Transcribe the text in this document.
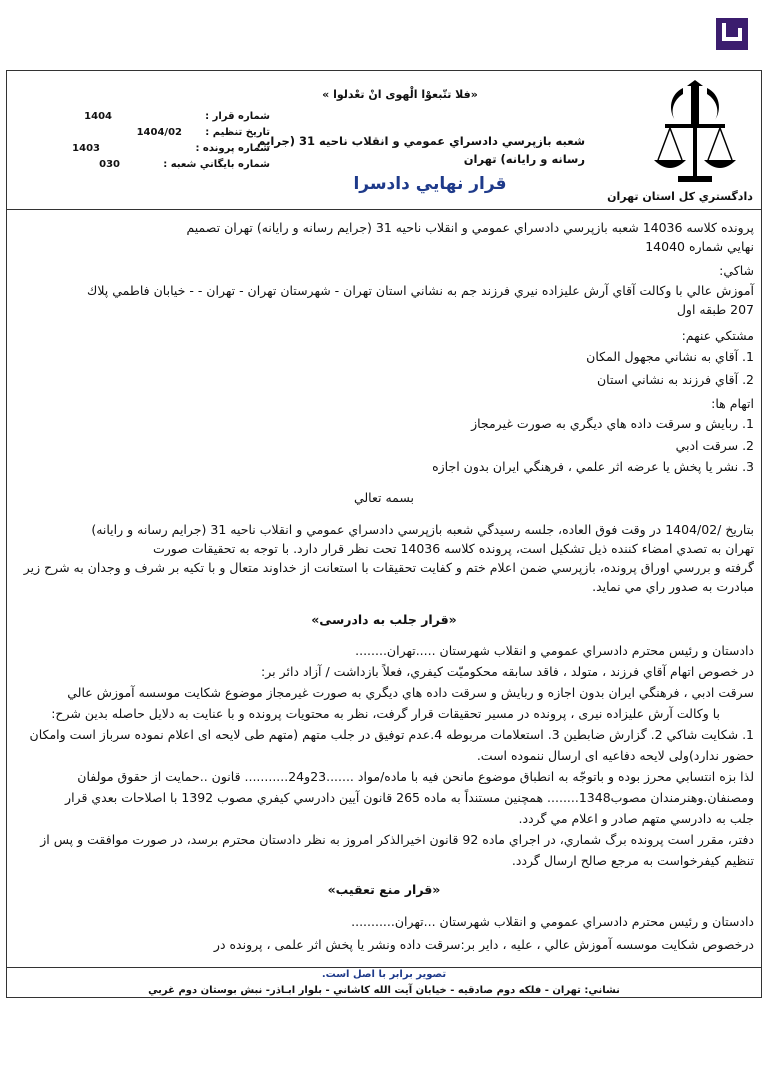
دادگستري كل استان تهران
«فلا تتّبعوْا الْهوى انْ تعْدلوا »
شعبه بازپرسي دادسراي عمومي و انقلاب ناحيه 31 (جرايم
رسانه و رايانه) تهران
قرار نهايي دادسرا
شماره قرار :
1404
تاريخ تنظيم :
1404/02
شماره پرونده :
1403
شماره بايگاني شعبه :
030
پرونده كلاسه 14036 شعبه بازپرسي دادسراي عمومي و انقلاب ناحيه 31 (جرايم رسانه و رايانه) تهران تصميم
نهايي شماره 14040
شاكي:
آموزش عالي با وكالت آقاي آرش عليزاده نيري فرزند جم به نشاني استان تهران - شهرستان تهران - تهران - - خيابان فاطمي پلاك
207 طبقه اول
مشتكي عنهم:
1. آقاي به نشاني مجهول المكان
2. آقاي فرزند به نشاني استان
اتهام ها:
1. ربايش و سرقت داده هاي ديگري به صورت غيرمجاز
2. سرقت ادبي
3. نشر يا پخش يا عرضه اثر علمي ، فرهنگي ايران بدون اجازه
بسمه تعالي
بتاريخ /1404/02 در وقت فوق العاده، جلسه رسيدگي شعبه بازپرسي دادسراي عمومي و انقلاب ناحيه 31 (جرايم رسانه و رايانه)
تهران به تصدي امضاء كننده ذيل تشكيل است، پرونده كلاسه 14036 تحت نظر قرار دارد. با توجه به تحقيقات صورت
گرفته و بررسي اوراق پرونده، بازپرسي ضمن اعلام ختم و كفايت تحقيقات با استعانت از خداوند متعال و با تكيه بر شرف و وجدان به شرح زير
مبادرت به صدور راي مي نمايد.
«قرار جلب به دادرسی»
دادستان و رئيس محترم دادسراي عمومي و انقلاب شهرستان .....تهران........
در خصوص اتهام آقاي فرزند ، متولد ، فاقد سابقه محكوميّت كيفري، فعلاً بازداشت / آزاد دائر بر:
سرقت ادبي ، فرهنگي ايران بدون اجازه و ربايش و سرقت داده هاي ديگري به صورت غيرمجاز موضوع شكايت موسسه آموزش عالي
با وكالت آرش عليزاده نيرى ، پرونده در مسير تحقيقات قرار گرفت، نظر به محتويات پرونده و با عنايت به دلايل حاصله بدين شرح:
1. شكايت شاكي 2. گزارش ضابطين 3. استعلامات مربوطه 4.عدم توفيق در جلب متهم (متهم طى لايحه اى اعلام نموده سرباز است وامكان
حضور ندارد)ولى لايحه دفاعيه اى ارسال ننموده است.
لذا بزه انتسابي محرز بوده و باتوجّه به انطباق موضوع مانحن فيه با ماده/مواد .......23و24........... قانون ..حمايت از حقوق مولفان
ومصنفان.وهنرمندان مصوب1348........ همچنين مستنداً به ماده 265 قانون آيين دادرسي كيفري مصوب 1392 با اصلاحات بعدي قرار
جلب به دادرسي متهم صادر و اعلام مي گردد.
دفتر، مقرر است پرونده برگ شماري، در اجراي ماده 92 قانون اخيرالذكر امروز به نظر دادستان محترم برسد، در صورت موافقت و پس از
تنظيم كيفرخواست به مرجع صالح ارسال گردد.
«قرار منع تعقيب»
دادستان و رئيس محترم دادسراي عمومي و انقلاب شهرستان ...تهران...........
درخصوص شكايت موسسه آموزش عالي ، عليه ، داير بر:سرقت داده ونشر يا پخش اثر علمى ، پرونده در
تصوير برابر با اصل است.
نشاني: تهران - فلكه دوم صادقيه - خيابان آيت الله كاشاني - بلوار ابـاذر- نبش بوستان دوم غربي
